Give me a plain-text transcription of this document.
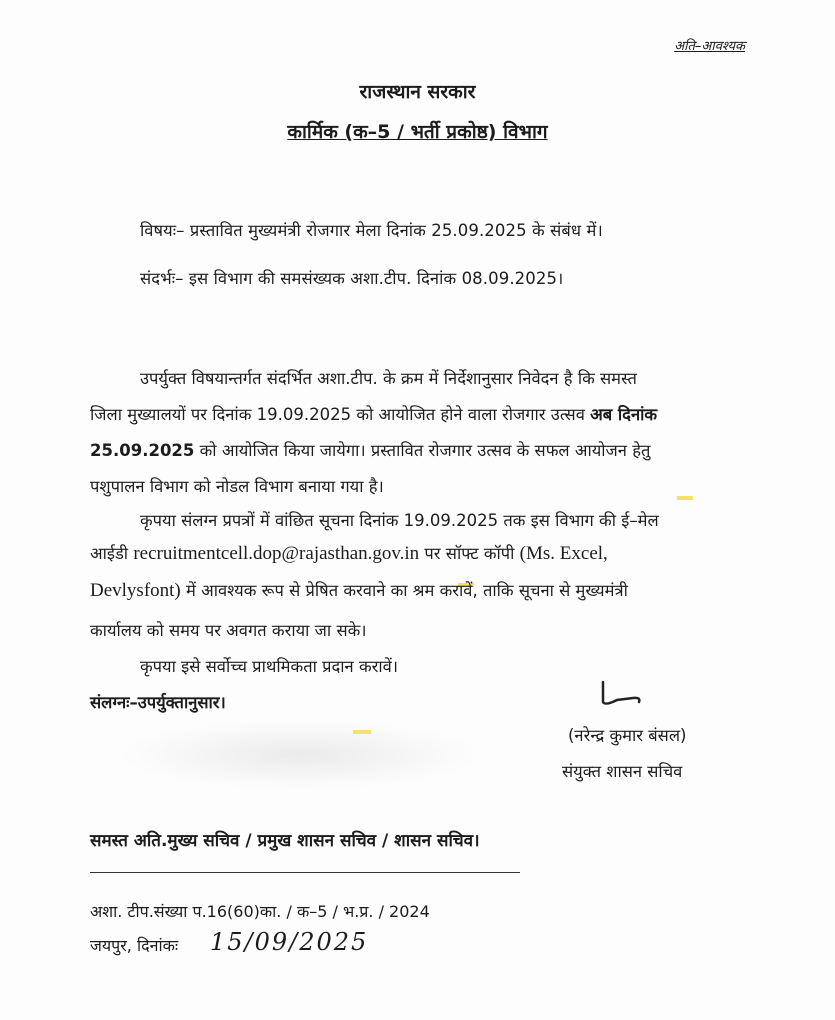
अति–आवश्यक
राजस्थान सरकार
कार्मिक (क–5 / भर्ती प्रकोष्ठ) विभाग
विषयः– प्रस्तावित मुख्यमंत्री रोजगार मेला दिनांक 25.09.2025 के संबंध में।
संदर्भः– इस विभाग की समसंख्यक अशा.टीप. दिनांक 08.09.2025।
उपर्युक्त विषयान्तर्गत संदर्भित अशा.टीप. के क्रम में निर्देशानुसार निवेदन है कि समस्त
जिला मुख्यालयों पर दिनांक 19.09.2025 को आयोजित होने वाला रोजगार उत्सव अब दिनांक
25.09.2025 को आयोजित किया जायेगा। प्रस्तावित रोजगार उत्सव के सफल आयोजन हेतु
पशुपालन विभाग को नोडल विभाग बनाया गया है।
कृपया संलग्न प्रपत्रों में वांछित सूचना दिनांक 19.09.2025 तक इस विभाग की ई–मेल
आईडी recruitmentcell.dop@rajasthan.gov.in पर सॉफ्ट कॉपी (Ms. Excel,
Devlysfont) में आवश्यक रूप से प्रेषित करवाने का श्रम करावें, ताकि सूचना से मुख्यमंत्री
कार्यालय को समय पर अवगत कराया जा सके।
कृपया इसे सर्वोच्च प्राथमिकता प्रदान करावें।
संलग्नः–उपर्युक्तानुसार।
(नरेन्द्र कुमार बंसल)
संयुक्त शासन सचिव
समस्त अति.मुख्य सचिव / प्रमुख शासन सचिव / शासन सचिव।
अशा. टीप.संख्या प.16(60)का. / क–5 / भ.प्र. / 2024
जयपुर, दिनांकः 15/09/2025
